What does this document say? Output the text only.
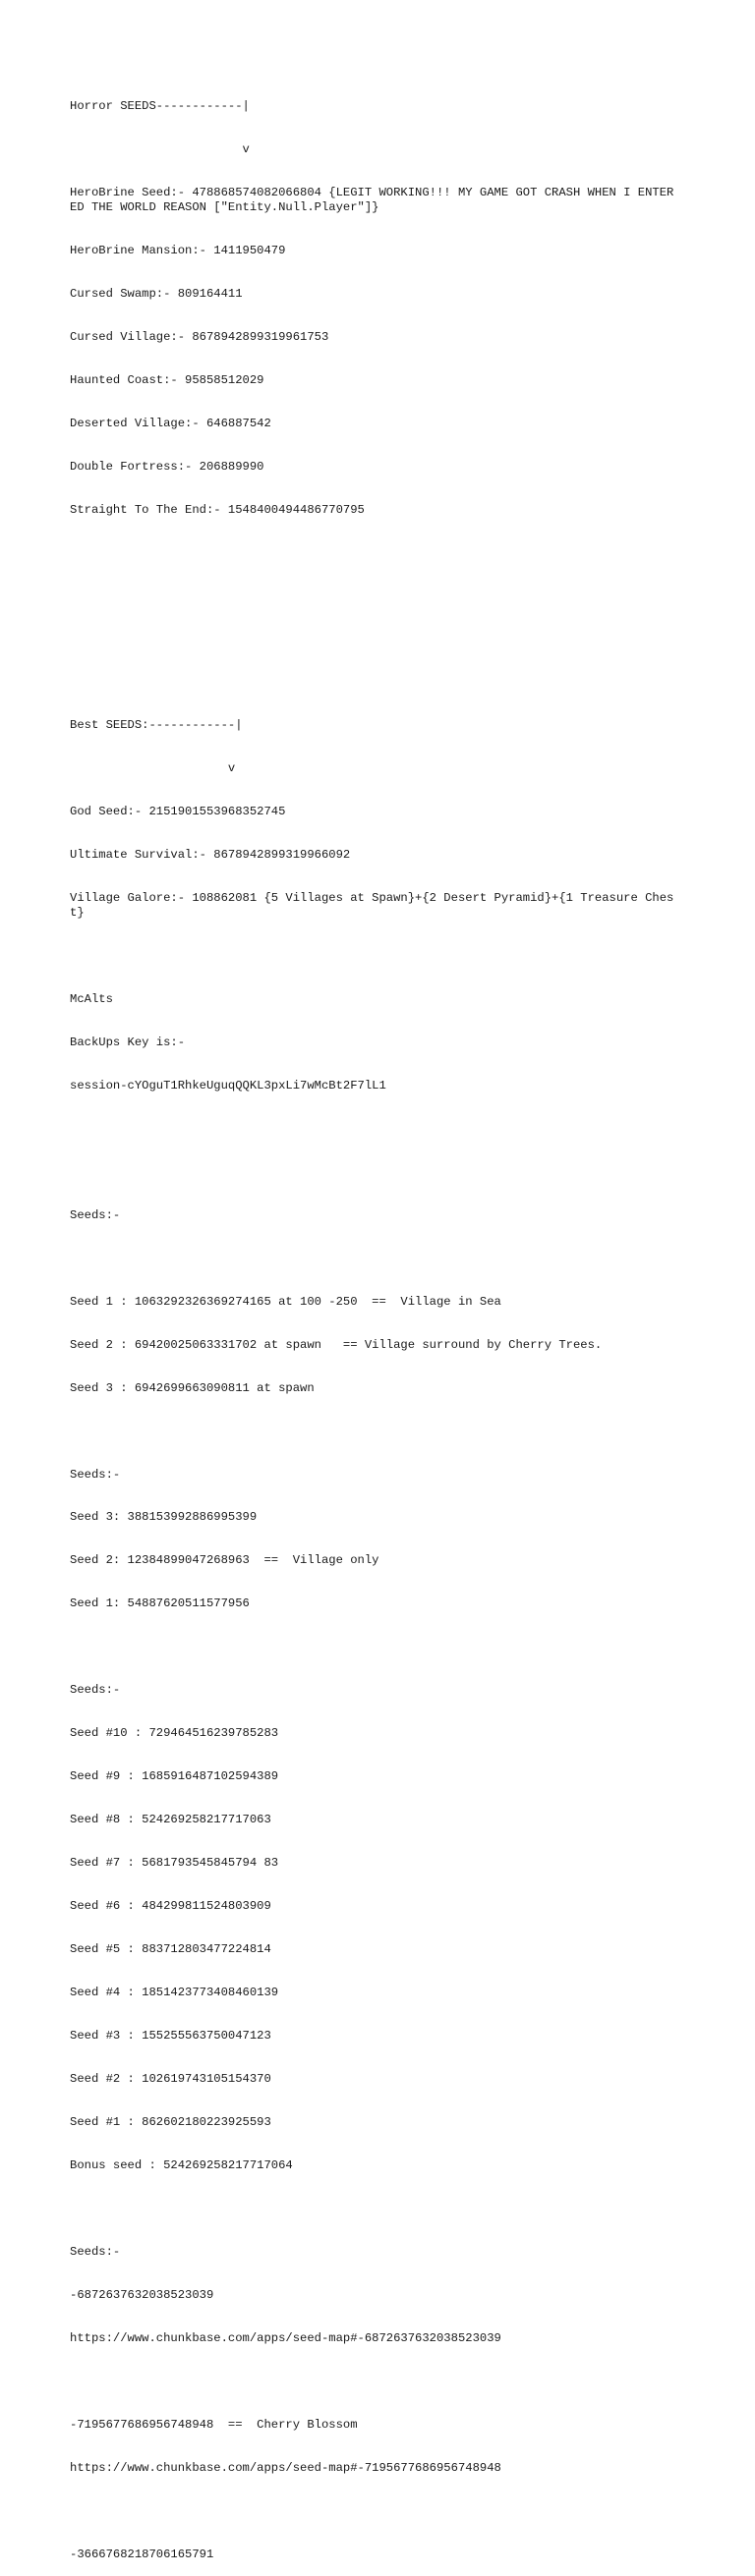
Horror SEEDS------------|

v

HeroBrine Seed:- 478868574082066804 {LEGIT WORKING!!! MY GAME GOT CRASH WHEN I ENTERED THE WORLD REASON ["Entity.Null.Player"]}

HeroBrine Mansion:- 1411950479

Cursed Swamp:- 809164411

Cursed Village:- 8678942899319961753

Haunted Coast:- 95858512029

Deserted Village:- 646887542

Double Fortress:- 206889990

Straight To The End:- 1548400494486770795

Best SEEDS:------------|

v

God Seed:- 2151901553968352745

Ultimate Survival:- 8678942899319966092

Village Galore:- 108862081 {5 Villages at Spawn}+{2 Desert Pyramid}+{1 Treasure Chest}

McAlts

BackUps Key is:-

session-cYOguT1RhkeUguqQQKL3pxLi7wMcBt2F7lL1

Seeds:-

Seed 1 : 1063292326369274165 at 100 -250  ==  Village in Sea

Seed 2 : 69420025063331702 at spawn   == Village surround by Cherry Trees.

Seed 3 : 6942699663090811 at spawn

Seeds:-

Seed 3: 388153992886995399

Seed 2: 12384899047268963  ==  Village only

Seed 1: 54887620511577956

Seeds:-

Seed #10 : 729464516239785283

Seed #9 : 1685916487102594389

Seed #8 : 524269258217717063

Seed #7 : 5681793545845794 83

Seed #6 : 484299811524803909

Seed #5 : 883712803477224814

Seed #4 : 1851423773408460139

Seed #3 : 155255563750047123

Seed #2 : 102619743105154370

Seed #1 : 862602180223925593

Bonus seed : 524269258217717064

Seeds:-

-6872637632038523039

https://www.chunkbase.com/apps/seed-map#-6872637632038523039

-7195677686956748948  ==  Cherry Blossom

https://www.chunkbase.com/apps/seed-map#-7195677686956748948

-3666768218706165791
